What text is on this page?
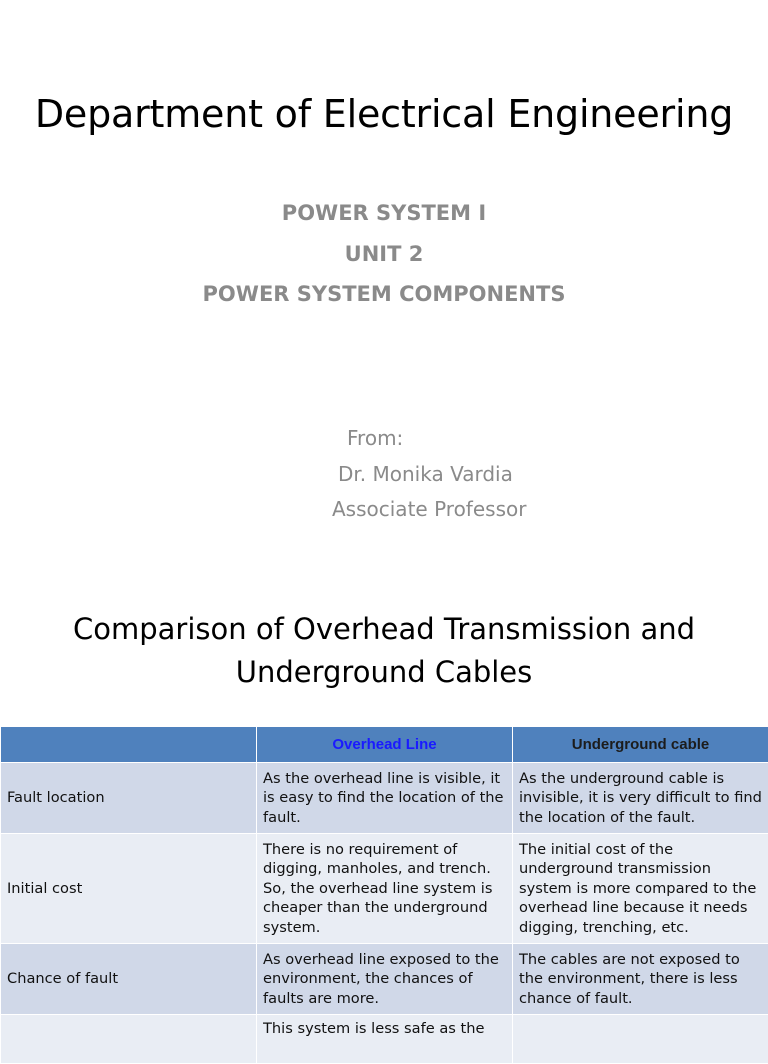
Department of Electrical Engineering
POWER SYSTEM I
UNIT 2
POWER SYSTEM COMPONENTS
From:
Dr. Monika Vardia
Associate Professor
Comparison of Overhead Transmission and
Underground Cables
	Overhead Line	Underground cable
Fault location	As the overhead line is visible, it is easy to find the location of the fault.	As the underground cable is invisible, it is very difficult to find the location of the fault.
Initial cost	There is no requirement of digging, manholes, and trench. So, the overhead line system is cheaper than the underground system.	The initial cost of the underground transmission system is more compared to the overhead line because it needs digging, trenching, etc.
Chance of fault	As overhead line exposed to the environment, the chances of faults are more.	The cables are not exposed to the environment, there is less chance of fault.

	This system is less safe as the	
